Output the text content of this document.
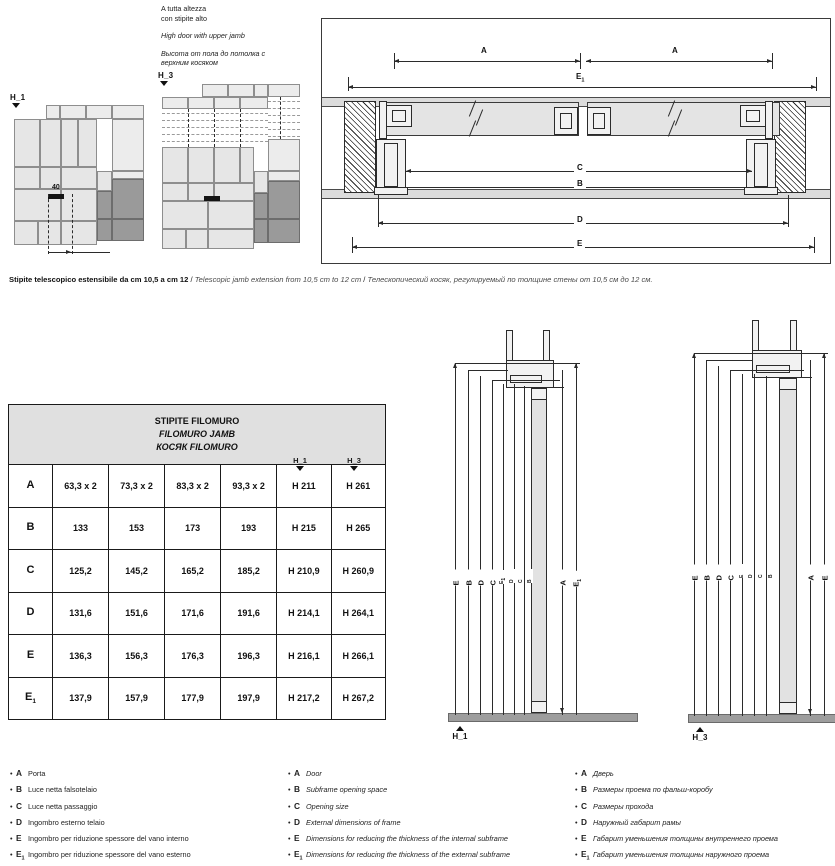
A tutta altezza
con stipite alto
High door with upper jamb
Высота от пола до потолка с
верхним косяком
H_1
H_3
40
A	A
$E_1$
C
B
D
E
Stipite telescopico estensibile da cm 10,5 a cm 12 / Telescopic jamb extension from 10,5 cm to 12 cm / Телескопический косяк, регулируемый по толщине стены от 10,5 см до 12 см.
STIPITE FILOMURO
FILOMURO JAMB
КОСЯК FILOMURO						

A	63,3 x 2	73,3 x 2	83,3 x 2	93,3 x 2	H 211	H 261
B	133	153	173	193	H 215	H 265
C	125,2	145,2	165,2	185,2	H 210,9	H 260,9
D	131,6	151,6	171,6	191,6	H 214,1	H 264,1
E	136,3	156,3	176,3	196,3	H 216,1	H 266,1
$E_1$	137,9	157,9	177,9	197,9	H 217,2	H 267,2
H_1	H_3
E B D C	A $E_1$
$E_1$
D C B
H_1
E B D C	A E
E D C B
H_3
• A Porta
• B Luce netta falsotelaio
• C Luce netta passaggio
• D Ingombro esterno telaio
• E Ingombro per riduzione spessore del vano interno
• $E_1$ Ingombro per riduzione spessore del vano esterno
• A Door
• B Subframe opening space
• C Opening size
• D External dimensions of frame
• E Dimensions for reducing the thickness of the internal subframe
• $E_1$ Dimensions for reducing the thickness of the external subframe
• A Дверь
• B Размеры проема по фальш-коробу
• C Размеры прохода
• D Наружный габарит рамы
• E Габарит уменьшения толщины внутреннего проема
• $E_1$ Габарит уменьшения толщины наружного проема
